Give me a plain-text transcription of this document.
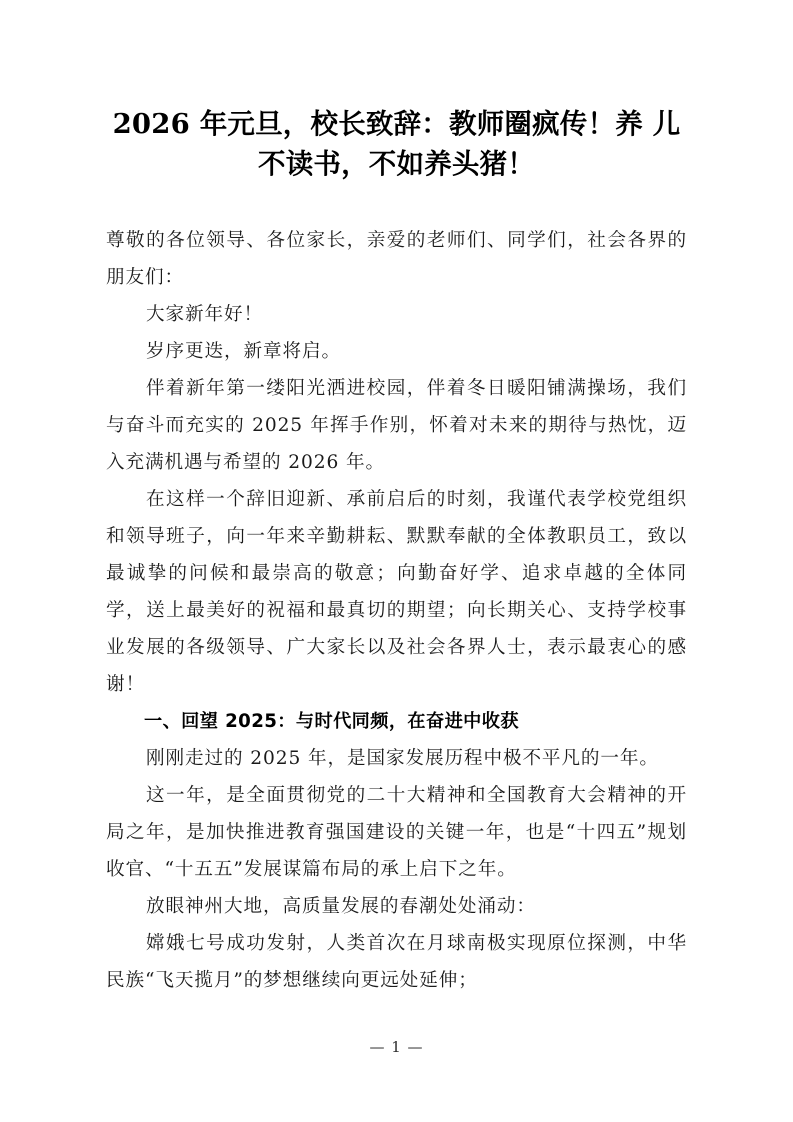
2026 年元旦，校长致辞：教师圈疯传！养 儿不读书，不如养头猪！

尊敬的各位领导、各位家长，亲爱的老师们、同学们，社会各界的朋友们：

大家新年好！

岁序更迭，新章将启。

伴着新年第一缕阳光洒进校园，伴着冬日暖阳铺满操场，我们与奋斗而充实的 2025 年挥手作别，怀着对未来的期待与热忱，迈入充满机遇与希望的 2026 年。

在这样一个辞旧迎新、承前启后的时刻，我谨代表学校党组织和领导班子，向一年来辛勤耕耘、默默奉献的全体教职员工，致以最诚挚的问候和最崇高的敬意；向勤奋好学、追求卓越的全体同学，送上最美好的祝福和最真切的期望；向长期关心、支持学校事业发展的各级领导、广大家长以及社会各界人士，表示最衷心的感谢！

一、回望 2025：与时代同频，在奋进中收获

刚刚走过的 2025 年，是国家发展历程中极不平凡的一年。

这一年，是全面贯彻党的二十大精神和全国教育大会精神的开局之年，是加快推进教育强国建设的关键一年，也是“十四五”规划收官、“十五五”发展谋篇布局的承上启下之年。

放眼神州大地，高质量发展的春潮处处涌动：

嫦娥七号成功发射，人类首次在月球南极实现原位探测，中华民族“飞天揽月”的梦想继续向更远处延伸；

— 1 —
